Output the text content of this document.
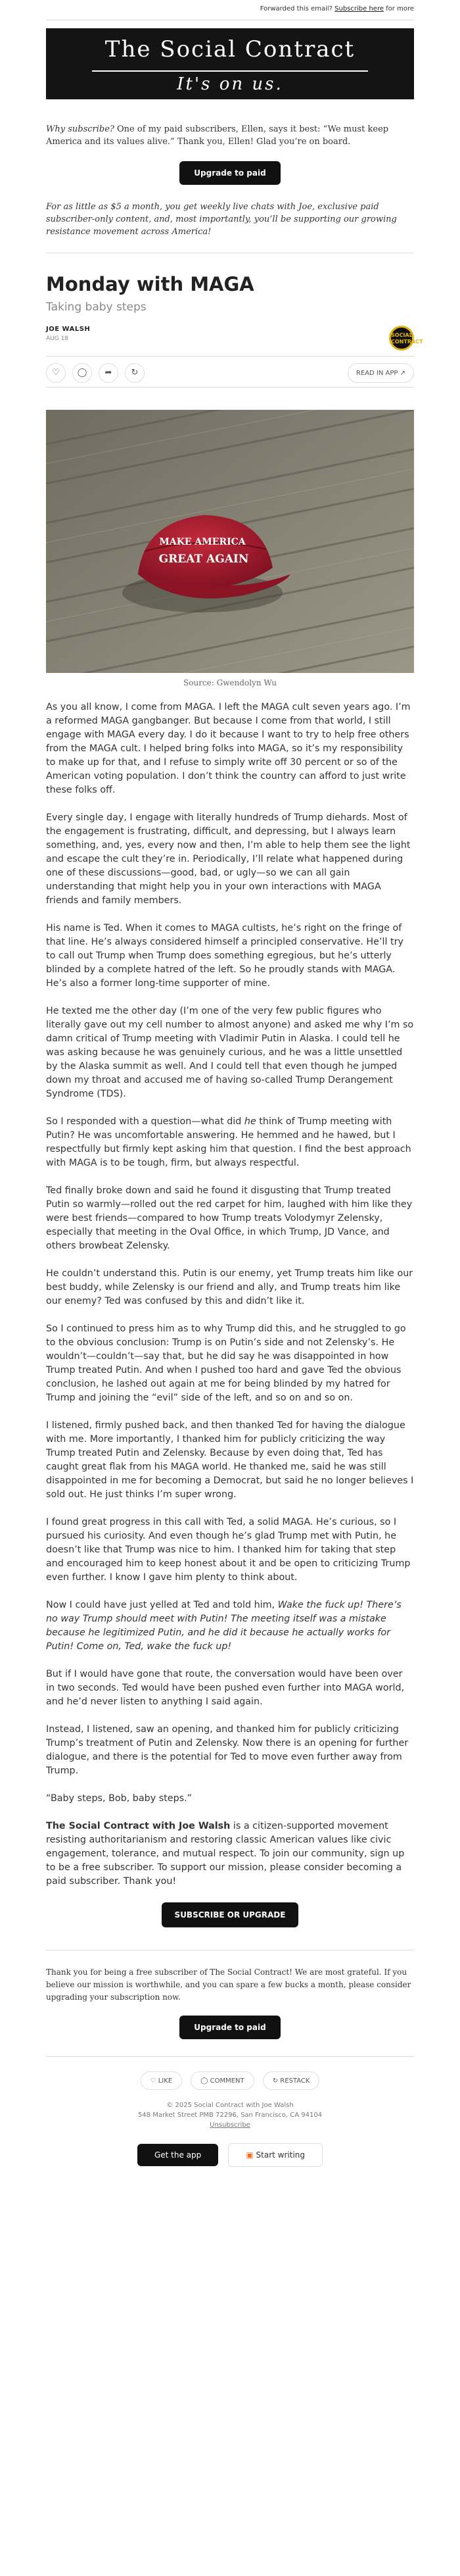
Forwarded this email? Subscribe here for more
The Social Contract
It's on us.
Why subscribe? One of my paid subscribers, Ellen, says it best: “We must keep America and its values alive.” Thank you, Ellen! Glad you’re on board.
Upgrade to paid
For as little as $5 a month, you get weekly live chats with Joe, exclusive paid subscriber-only content, and, most importantly, you’ll be supporting our growing resistance movement across America!
Monday with MAGA
Taking baby steps
JOE WALSH
AUG 18
SOCIAL CONTRACT
♡	◯	➦	↻	READ IN APP ↗
MAKE AMERICA
GREAT AGAIN
Source: Gwendolyn Wu

As you all know, I come from MAGA. I left the MAGA cult seven years ago. I’m a reformed MAGA gangbanger. But because I come from that world, I still engage with MAGA every day. I do it because I want to try to help free others from the MAGA cult. I helped bring folks into MAGA, so it’s my responsibility to make up for that, and I refuse to simply write off 30 percent or so of the American voting population. I don’t think the country can afford to just write these folks off.

Every single day, I engage with literally hundreds of Trump diehards. Most of the engagement is frustrating, difficult, and depressing, but I always learn something, and, yes, every now and then, I’m able to help them see the light and escape the cult they’re in. Periodically, I’ll relate what happened during one of these discussions—good, bad, or ugly—so we can all gain understanding that might help you in your own interactions with MAGA friends and family members.

His name is Ted. When it comes to MAGA cultists, he’s right on the fringe of that line. He’s always considered himself a principled conservative. He’ll try to call out Trump when Trump does something egregious, but he’s utterly blinded by a complete hatred of the left. So he proudly stands with MAGA. He’s also a former long-time supporter of mine.

He texted me the other day (I’m one of the very few public figures who literally gave out my cell number to almost anyone) and asked me why I’m so damn critical of Trump meeting with Vladimir Putin in Alaska. I could tell he was asking because he was genuinely curious, and he was a little unsettled by the Alaska summit as well. And I could tell that even though he jumped down my throat and accused me of having so-called Trump Derangement Syndrome (TDS).

So I responded with a question—what did he think of Trump meeting with Putin? He was uncomfortable answering. He hemmed and he hawed, but I respectfully but firmly kept asking him that question. I find the best approach with MAGA is to be tough, firm, but always respectful.

Ted finally broke down and said he found it disgusting that Trump treated Putin so warmly—rolled out the red carpet for him, laughed with him like they were best friends—compared to how Trump treats Volodymyr Zelensky, especially that meeting in the Oval Office, in which Trump, JD Vance, and others browbeat Zelensky.

He couldn’t understand this. Putin is our enemy, yet Trump treats him like our best buddy, while Zelensky is our friend and ally, and Trump treats him like our enemy? Ted was confused by this and didn’t like it.

So I continued to press him as to why Trump did this, and he struggled to go to the obvious conclusion: Trump is on Putin’s side and not Zelensky’s. He wouldn’t—couldn’t—say that, but he did say he was disappointed in how Trump treated Putin. And when I pushed too hard and gave Ted the obvious conclusion, he lashed out again at me for being blinded by my hatred for Trump and joining the “evil” side of the left, and so on and so on.

I listened, firmly pushed back, and then thanked Ted for having the dialogue with me. More importantly, I thanked him for publicly criticizing the way Trump treated Putin and Zelensky. Because by even doing that, Ted has caught great flak from his MAGA world. He thanked me, said he was still disappointed in me for becoming a Democrat, but said he no longer believes I sold out. He just thinks I’m super wrong.

I found great progress in this call with Ted, a solid MAGA. He’s curious, so I pursued his curiosity. And even though he’s glad Trump met with Putin, he doesn’t like that Trump was nice to him. I thanked him for taking that step and encouraged him to keep honest about it and be open to criticizing Trump even further. I know I gave him plenty to think about.

Now I could have just yelled at Ted and told him, Wake the fuck up! There’s no way Trump should meet with Putin! The meeting itself was a mistake because he legitimized Putin, and he did it because he actually works for Putin! Come on, Ted, wake the fuck up!

But if I would have gone that route, the conversation would have been over in two seconds. Ted would have been pushed even further into MAGA world, and he’d never listen to anything I said again.

Instead, I listened, saw an opening, and thanked him for publicly criticizing Trump’s treatment of Putin and Zelensky. Now there is an opening for further dialogue, and there is the potential for Ted to move even further away from Trump.

“Baby steps, Bob, baby steps.”

The Social Contract with Joe Walsh is a citizen-supported movement resisting authoritarianism and restoring classic American values like civic engagement, tolerance, and mutual respect. To join our community, sign up to be a free subscriber. To support our mission, please consider becoming a paid subscriber. Thank you!

SUBSCRIBE OR UPGRADE
Thank you for being a free subscriber of The Social Contract! We are most grateful. If you believe our mission is worthwhile, and you can spare a few bucks a month, please consider upgrading your subscription now.
Upgrade to paid
♡ LIKE	◯ COMMENT	↻ RESTACK
© 2025 Social Contract with Joe Walsh
548 Market Street PMB 72296, San Francisco, CA 94104
Unsubscribe
Get the app	▣ Start writing
